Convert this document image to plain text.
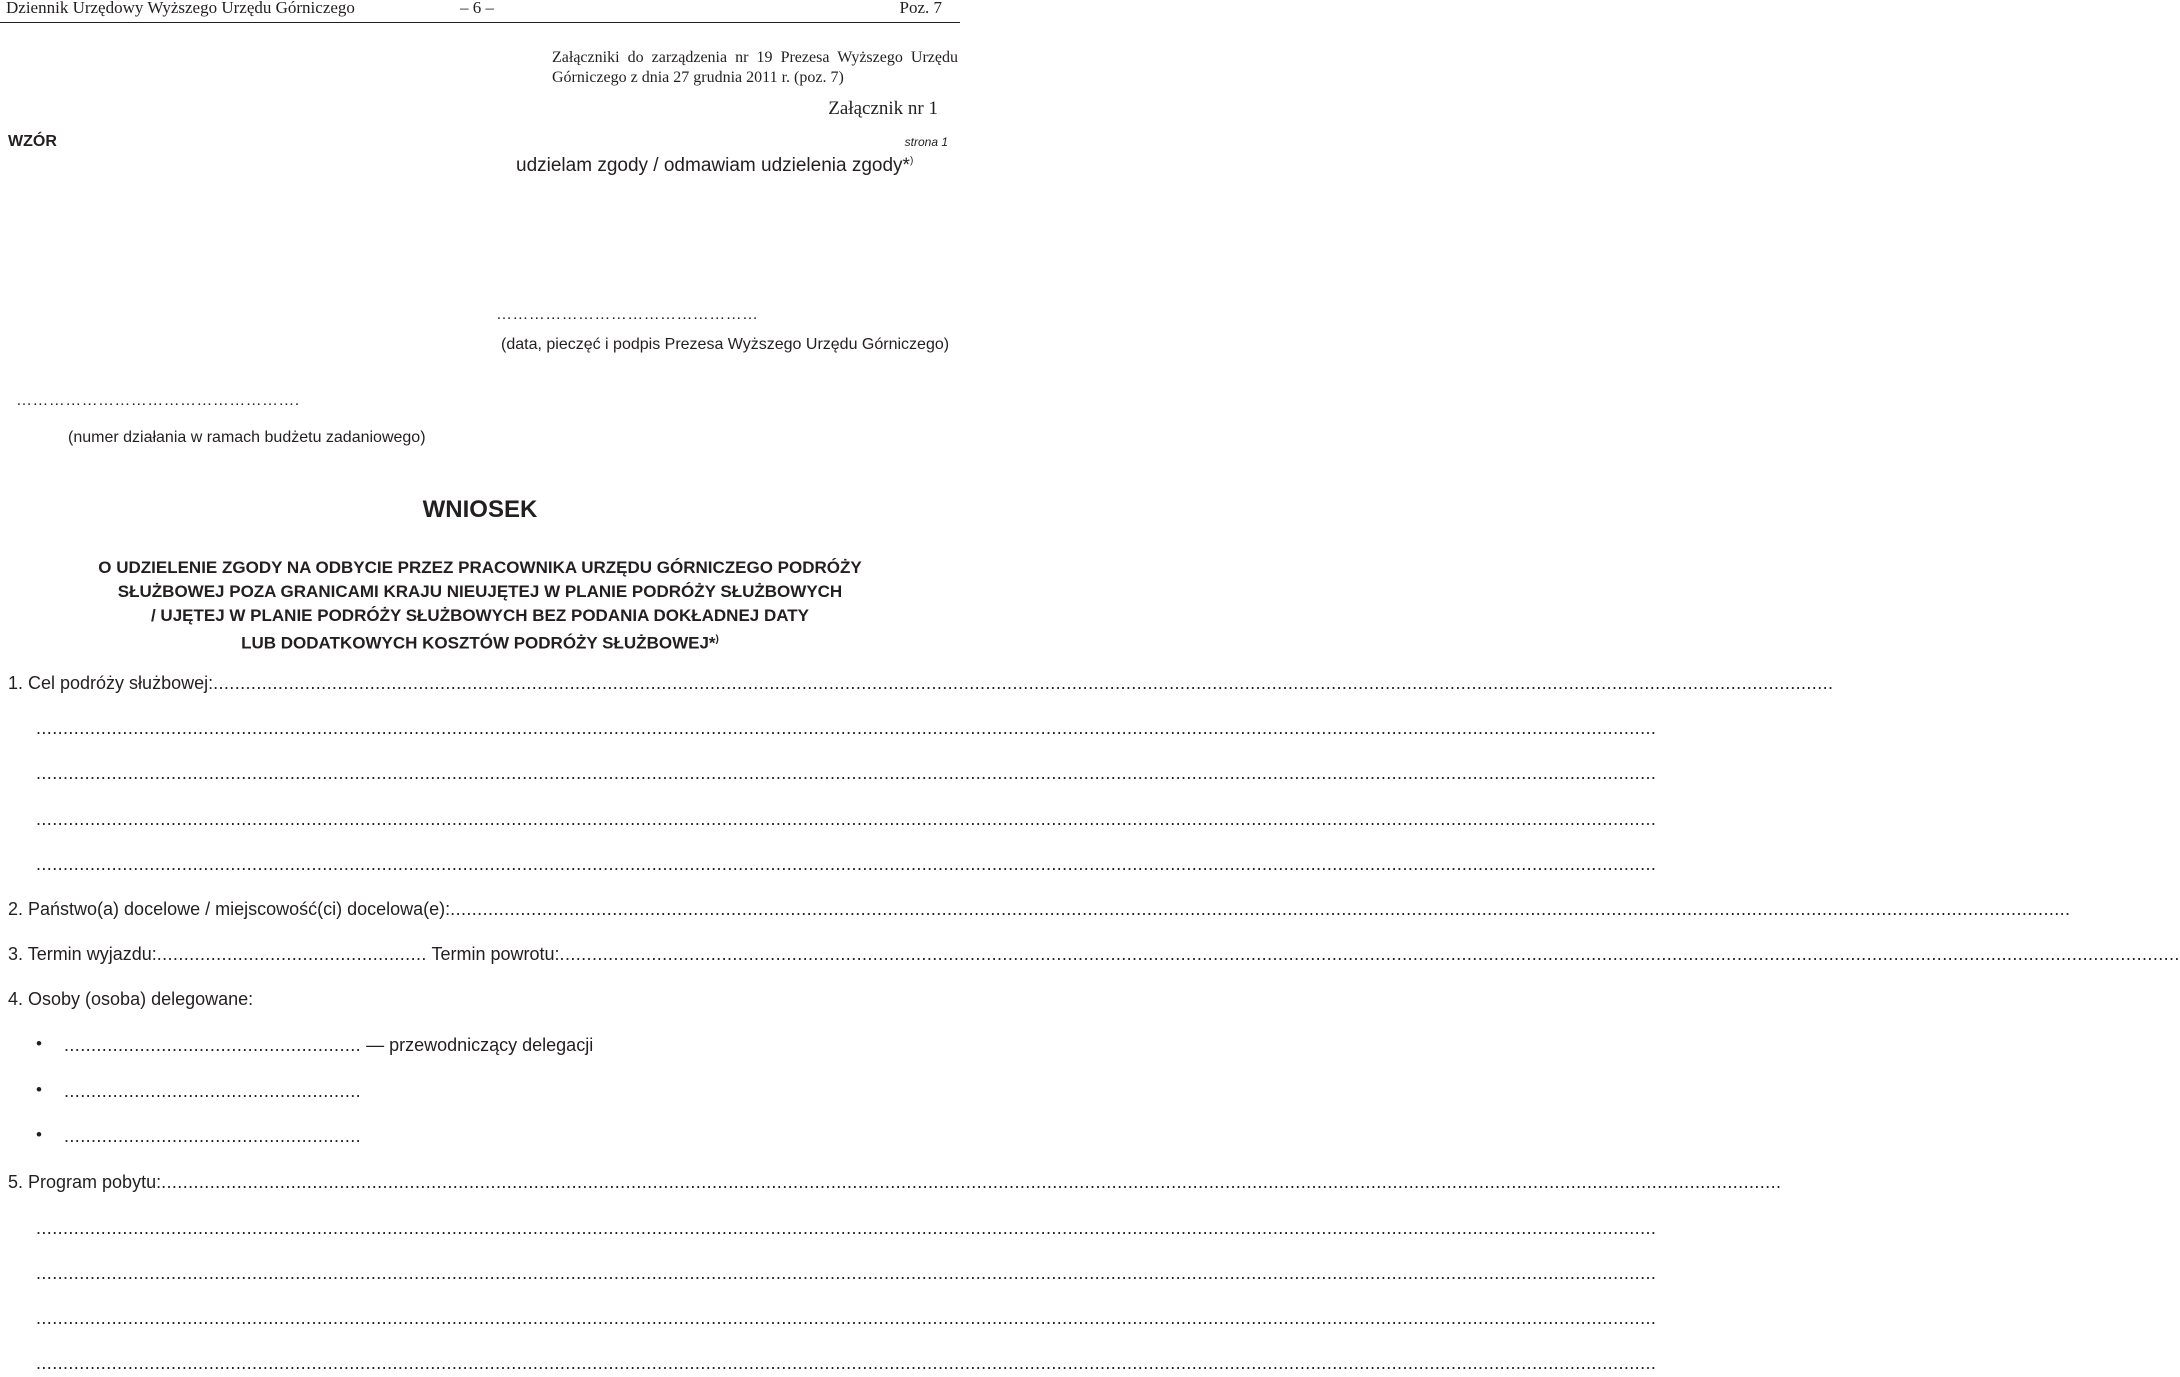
Dziennik Urzędowy Wyższego Urzędu Górniczego	– 6 –	Poz. 7
Załączniki do zarządzenia nr 19 Prezesa Wyższego Urzędu Górniczego z dnia 27 grudnia 2011 r. (poz. 7)
Załącznik nr 1
WZÓR	strona 1
udzielam zgody / odmawiam udzielenia zgody*)
…………………………………………
(data, pieczęć i podpis Prezesa Wyższego Urzędu Górniczego)
…………………………………………….
(numer działania w ramach budżetu zadaniowego)
WNIOSEK
O UDZIELENIE ZGODY NA ODBYCIE PRZEZ PRACOWNIKA URZĘDU GÓRNICZEGO PODRÓŻY
SŁUŻBOWEJ POZA GRANICAMI KRAJU NIEUJĘTEJ W PLANIE PODRÓŻY SŁUŻBOWYCH
/ UJĘTEJ W PLANIE PODRÓŻY SŁUŻBOWYCH BEZ PODANIA DOKŁADNEJ DATY
LUB DODATKOWYCH KOSZTÓW PODRÓŻY SŁUŻBOWEJ*)
1. Cel podróży służbowej:............................................................................................................................................................................................................................................................................................................
............................................................................................................................................................................................................................................................................................................
............................................................................................................................................................................................................................................................................................................
............................................................................................................................................................................................................................................................................................................
............................................................................................................................................................................................................................................................................................................
2. Państwo(a) docelowe / miejscowość(ci) docelowa(e):............................................................................................................................................................................................................................................................................................................
3. Termin wyjazdu:.................................................. Termin powrotu:............................................................................................................................................................................................................................................................................................................
4. Osoby (osoba) delegowane:
• ....................................................... — przewodniczący delegacji
• .......................................................
• .......................................................
5. Program pobytu:............................................................................................................................................................................................................................................................................................................
............................................................................................................................................................................................................................................................................................................
............................................................................................................................................................................................................................................................................................................
............................................................................................................................................................................................................................................................................................................
............................................................................................................................................................................................................................................................................................................
